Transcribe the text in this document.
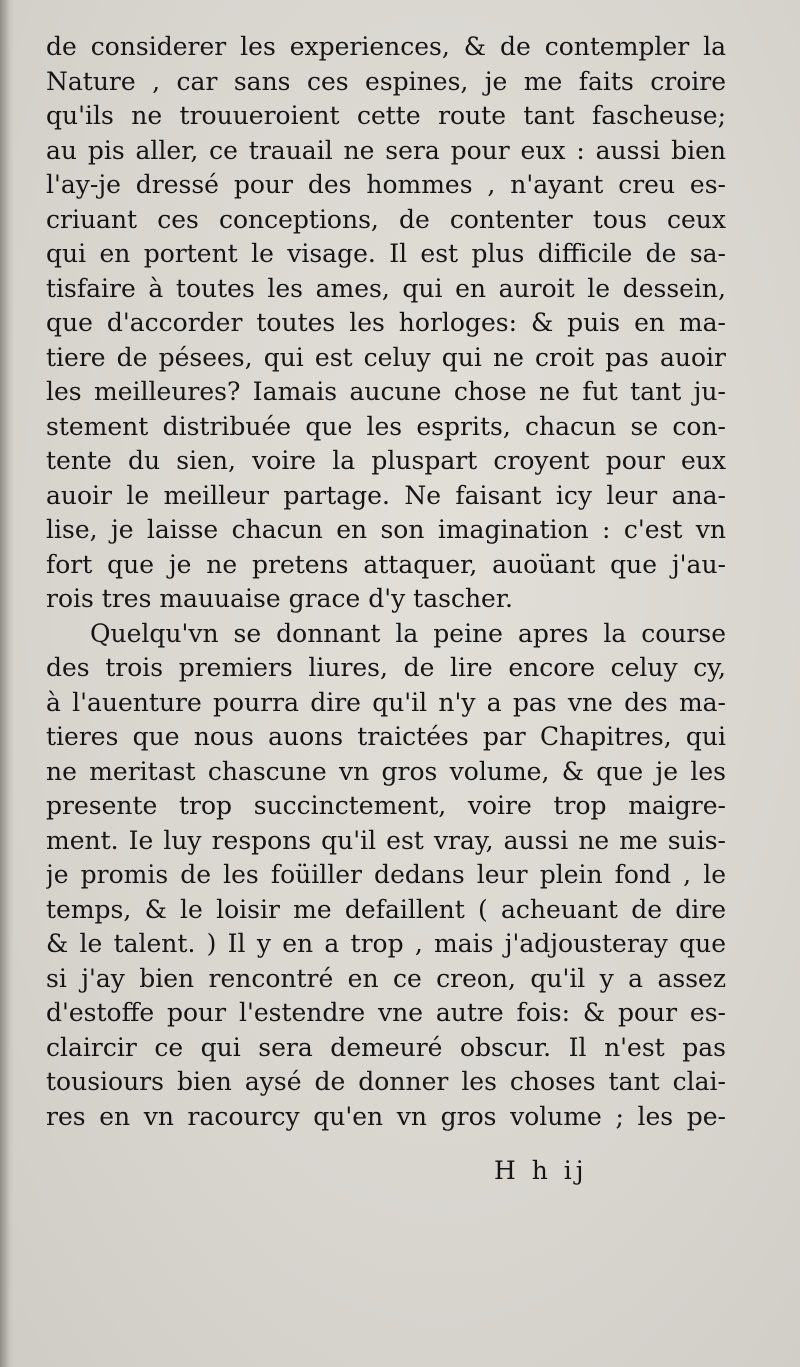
de considerer les experiences, & de contempler la
Nature , car sans ces espines, je me faits croire
qu'ils ne trouueroient cette route tant fascheuse;
au pis aller, ce trauail ne sera pour eux : aussi bien
l'ay-je dressé pour des hommes , n'ayant creu es-
criuant ces conceptions, de contenter tous ceux
qui en portent le visage. Il est plus difficile de sa-
tisfaire à toutes les ames, qui en auroit le dessein,
que d'accorder toutes les horloges: & puis en ma-
tiere de pésees, qui est celuy qui ne croit pas auoir
les meilleures? Iamais aucune chose ne fut tant ju-
stement distribuée que les esprits, chacun se con-
tente du sien, voire la pluspart croyent pour eux
auoir le meilleur partage. Ne faisant icy leur ana-
lise, je laisse chacun en son imagination : c'est vn
fort que je ne pretens attaquer, auoüant que j'au-
rois tres mauuaise grace d'y tascher.
Quelqu'vn se donnant la peine apres la course
des trois premiers liures, de lire encore celuy cy,
à l'auenture pourra dire qu'il n'y a pas vne des ma-
tieres que nous auons traictées par Chapitres, qui
ne meritast chascune vn gros volume, & que je les
presente trop succinctement, voire trop maigre-
ment. Ie luy respons qu'il est vray, aussi ne me suis-
je promis de les foüiller dedans leur plein fond , le
temps, & le loisir me defaillent ( acheuant de dire
& le talent. ) Il y en a trop , mais j'adjousteray que
si j'ay bien rencontré en ce creon, qu'il y a assez
d'estoffe pour l'estendre vne autre fois: & pour es-
claircir ce qui sera demeuré obscur. Il n'est pas
tousiours bien aysé de donner les choses tant clai-
res en vn racourcy qu'en vn gros volume ; les pe-
H h ij
